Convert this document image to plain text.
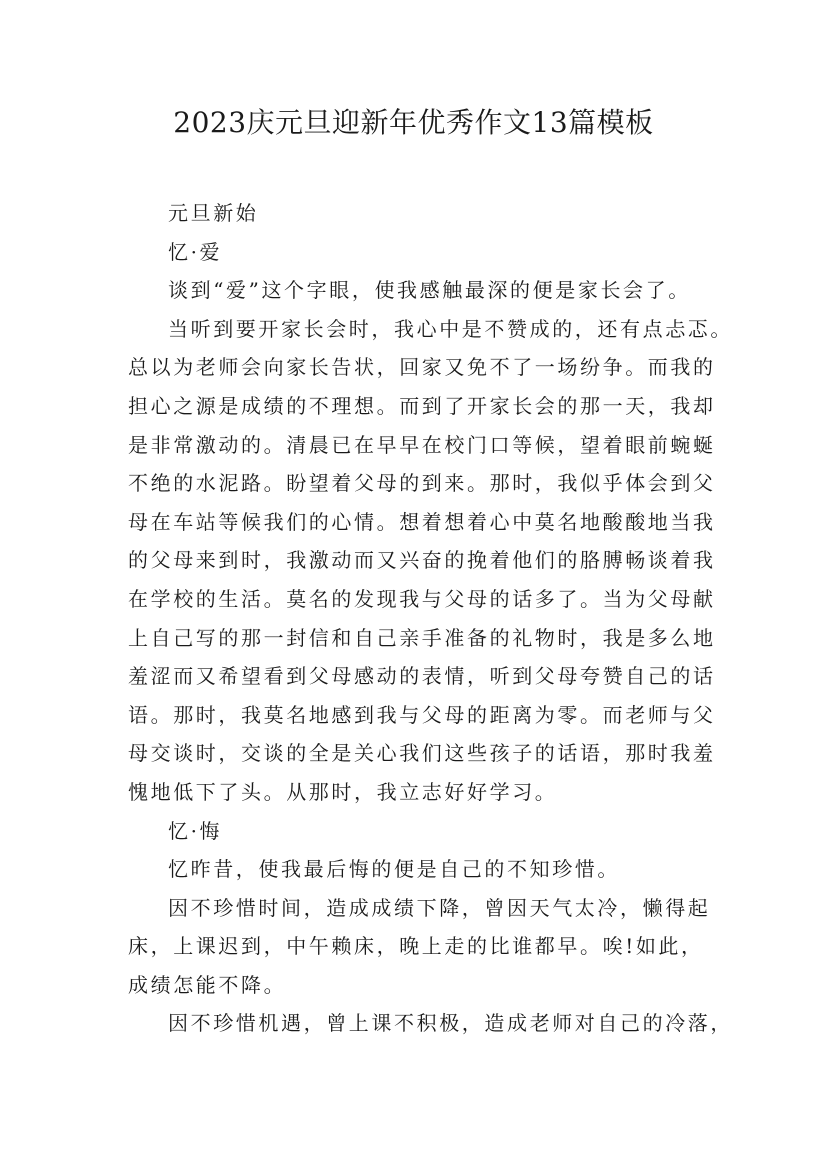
2023庆元旦迎新年优秀作文13篇模板
元旦新始
忆·爱
谈到“爱”这个字眼，使我感触最深的便是家长会了。
当听到要开家长会时，我心中是不赞成的，还有点忐忑。
总以为老师会向家长告状，回家又免不了一场纷争。而我的
担心之源是成绩的不理想。而到了开家长会的那一天，我却
是非常激动的。清晨已在早早在校门口等候，望着眼前蜿蜒
不绝的水泥路。盼望着父母的到来。那时，我似乎体会到父
母在车站等候我们的心情。想着想着心中莫名地酸酸地当我
的父母来到时，我激动而又兴奋的挽着他们的胳膊畅谈着我
在学校的生活。莫名的发现我与父母的话多了。当为父母献
上自己写的那一封信和自己亲手准备的礼物时，我是多么地
羞涩而又希望看到父母感动的表情，听到父母夸赞自己的话
语。那时，我莫名地感到我与父母的距离为零。而老师与父
母交谈时，交谈的全是关心我们这些孩子的话语，那时我羞
愧地低下了头。从那时，我立志好好学习。
忆·悔
忆昨昔，使我最后悔的便是自己的不知珍惜。
因不珍惜时间，造成成绩下降，曾因天气太冷，懒得起
床，上课迟到，中午赖床，晚上走的比谁都早。唉!如此，
成绩怎能不降。
因不珍惜机遇，曾上课不积极，造成老师对自己的冷落，
